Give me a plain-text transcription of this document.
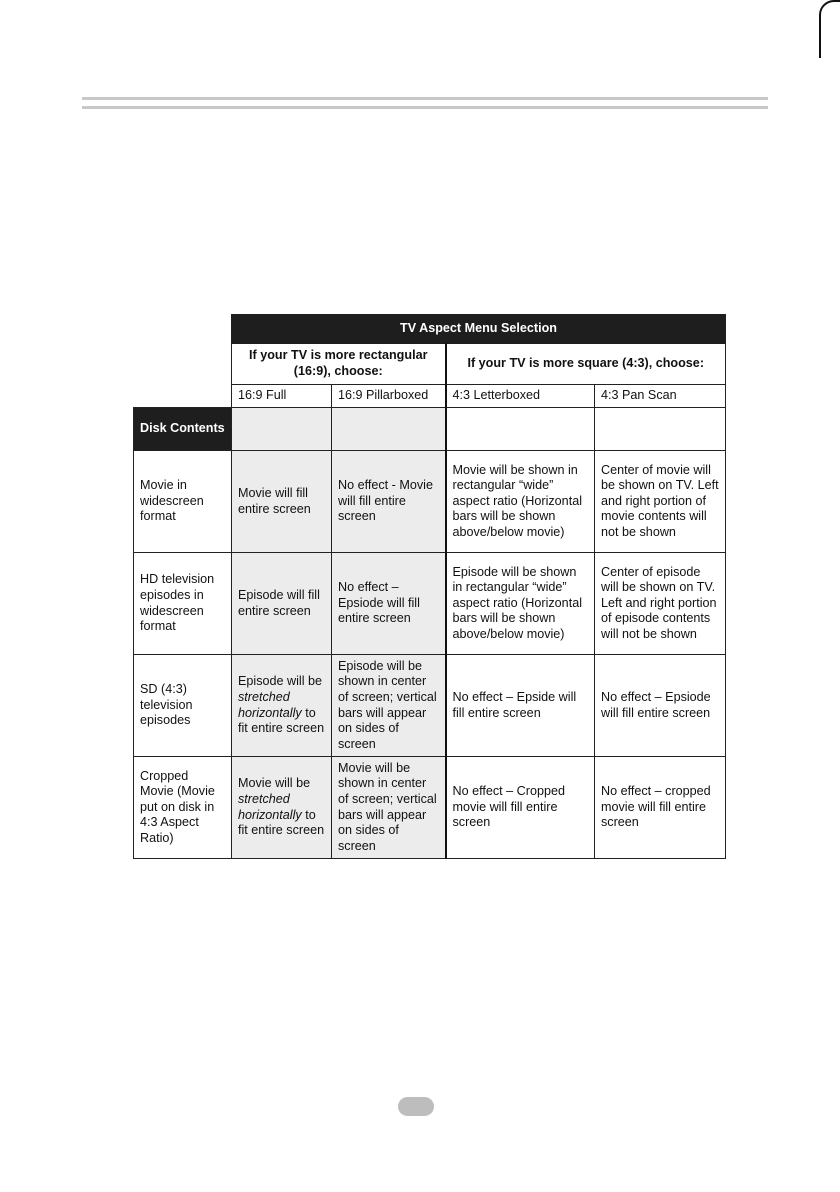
	TV Aspect Menu Selection			
	If your TV is more rectangular (16:9), choose:		If your TV is more square (4:3), choose:	
	16:9 Full	16:9 Pillarboxed	4:3 Letterboxed	4:3 Pan Scan
Disk Contents				
Movie in widescreen format	Movie will fill entire screen	No effect - Movie will fill entire screen	Movie will be shown in rectangular “wide” aspect ratio (Horizontal bars will be shown above/below movie)	Center of movie will be shown on TV. Left and right portion of movie contents will not be shown
HD television episodes in widescreen format	Episode will fill entire screen	No effect – Epsiode will fill entire screen	Episode will be shown in rectangular “wide” aspect ratio (Horizontal bars will be shown above/below movie)	Center of episode will be shown on TV. Left and right portion of episode contents will not be shown
SD (4:3) television episodes	Episode will be stretched horizontally to fit entire screen	Episode will be shown in center of screen; vertical bars will appear on sides of screen	No effect – Epside will fill entire screen	No effect – Epsiode will fill entire screen
Cropped Movie (Movie put on disk in 4:3 Aspect Ratio)	Movie will be stretched horizontally to fit entire screen	Movie will be shown in center of screen; vertical bars will appear on sides of screen	No effect – Cropped movie will fill entire screen	No effect – cropped movie will fill entire screen
